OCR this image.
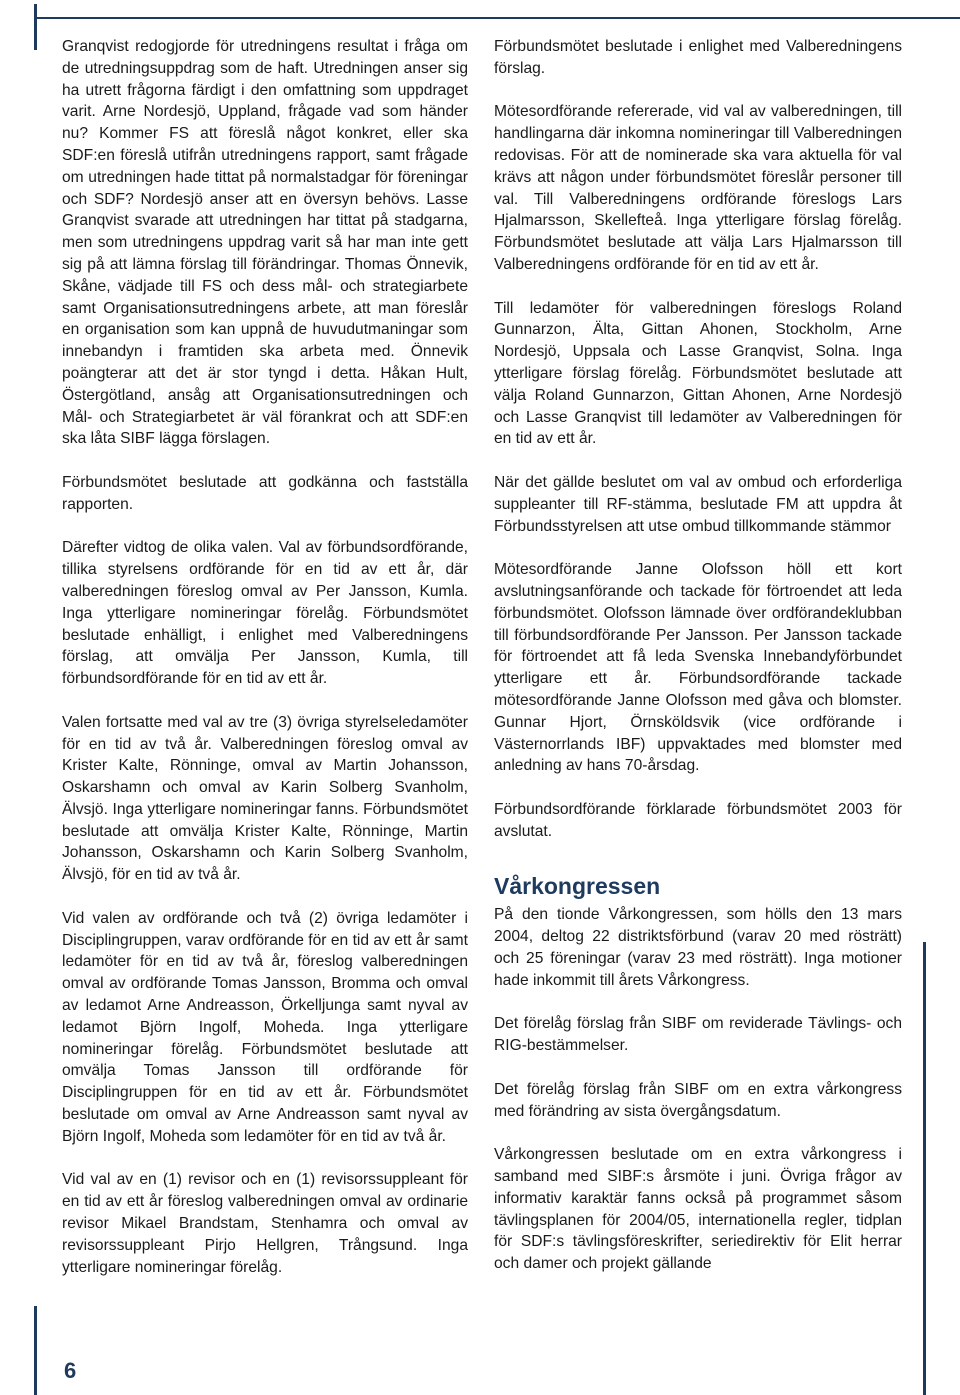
Granqvist redogjorde för utredningens resultat i fråga om de utredningsuppdrag som de haft. Utredningen anser sig ha utrett frågorna färdigt i den omfattning som uppdraget varit. Arne Nordesjö, Uppland, frågade vad som händer nu? Kommer FS att föreslå något konkret, eller ska SDF:en föreslå utifrån utredningens rapport, samt frågade om utredningen hade tittat på normalstadgar för föreningar och SDF? Nordesjö anser att en översyn behövs. Lasse Granqvist svarade att utredningen har tittat på stadgarna, men som utredningens uppdrag varit så har man inte gett sig på att lämna förslag till förändringar. Thomas Önnevik, Skåne, vädjade till FS och dess mål- och strategiarbete samt Organisationsutredningens arbete, att man föreslår en organisation som kan uppnå de huvudutmaningar som innebandyn i framtiden ska arbeta med. Önnevik poängterar att det är stor tyngd i detta. Håkan Hult, Östergötland, ansåg att Organisationsutredningen och Mål- och Strategiarbetet är väl förankrat och att SDF:en ska låta SIBF lägga förslagen.

Förbundsmötet beslutade att godkänna och fastställa rapporten.

Därefter vidtog de olika valen. Val av förbundsordförande, tillika styrelsens ordförande för en tid av ett år, där valberedningen föreslog omval av Per Jansson, Kumla. Inga ytterligare nomineringar förelåg. Förbundsmötet beslutade enhälligt, i enlighet med Valberedningens förslag, att omvälja Per Jansson, Kumla, till förbundsordförande för en tid av ett år.

Valen fortsatte med val av tre (3) övriga styrelseledamöter för en tid av två år. Valberedningen föreslog omval av Krister Kalte, Rönninge, omval av Martin Johansson, Oskarshamn och omval av Karin Solberg Svanholm, Älvsjö. Inga ytterligare nomineringar fanns. Förbundsmötet beslutade att omvälja Krister Kalte, Rönninge, Martin Johansson, Oskarshamn och Karin Solberg Svanholm, Älvsjö, för en tid av två år.

Vid valen av ordförande och två (2) övriga ledamöter i Disciplingruppen, varav ordförande för en tid av ett år samt ledamöter för en tid av två år, föreslog valberedningen omval av ordförande Tomas Jansson, Bromma och omval av ledamot Arne Andreasson, Örkelljunga samt nyval av ledamot Björn Ingolf, Moheda. Inga ytterligare nomineringar förelåg. Förbundsmötet beslutade att omvälja Tomas Jansson till ordförande för Disciplingruppen för en tid av ett år. Förbundsmötet beslutade om omval av Arne Andreasson samt nyval av Björn Ingolf, Moheda som ledamöter för en tid av två år.

Vid val av en (1) revisor och en (1) revisorssuppleant för en tid av ett år föreslog valberedningen omval av ordinarie revisor Mikael Brandstam, Stenhamra och omval av revisorssuppleant Pirjo Hellgren, Trångsund. Inga ytterligare nomineringar förelåg.

Förbundsmötet beslutade i enlighet med Valberedningens förslag.

Mötesordförande refererade, vid val av valberedningen, till handlingarna där inkomna nomineringar till Valberedningen redovisas. För att de nominerade ska vara aktuella för val krävs att någon under förbundsmötet föreslår personer till val. Till Valberedningens ordförande föreslogs Lars Hjalmarsson, Skellefteå. Inga ytterligare förslag förelåg. Förbundsmötet beslutade att välja Lars Hjalmarsson till Valberedningens ordförande för en tid av ett år.

Till ledamöter för valberedningen föreslogs Roland Gunnarzon, Älta, Gittan Ahonen, Stockholm, Arne Nordesjö, Uppsala och Lasse Granqvist, Solna. Inga ytterligare förslag förelåg. Förbundsmötet beslutade att välja Roland Gunnarzon, Gittan Ahonen, Arne Nordesjö och Lasse Granqvist till ledamöter av Valberedningen för en tid av ett år.

När det gällde beslutet om val av ombud och erforderliga suppleanter till RF-stämma, beslutade FM att uppdra åt Förbundsstyrelsen att utse ombud tillkommande stämmor

Mötesordförande Janne Olofsson höll ett kort avslutningsanförande och tackade för förtroendet att leda förbundsmötet. Olofsson lämnade över ordförandeklubban till förbundsordförande Per Jansson. Per Jansson tackade för förtroendet att få leda Svenska Innebandyförbundet ytterligare ett år. Förbundsordförande tackade mötesordförande Janne Olofsson med gåva och blomster. Gunnar Hjort, Örnsköldsvik (vice ordförande i Västernorrlands IBF) uppvaktades med blomster med anledning av hans 70-årsdag.

Förbundsordförande förklarade förbundsmötet 2003 för avslutat.

Vårkongressen

På den tionde Vårkongressen, som hölls den 13 mars 2004, deltog 22 distriktsförbund (varav 20 med rösträtt) och 25 föreningar (varav 23 med rösträtt). Inga motioner hade inkommit till årets Vårkongress.

Det förelåg förslag från SIBF om reviderade Tävlings- och RIG-bestämmelser.

Det förelåg förslag från SIBF om en extra vårkongress med förändring av sista övergångsdatum.

Vårkongressen beslutade om en extra vårkongress i samband med SIBF:s årsmöte i juni. Övriga frågor av informativ karaktär fanns också på programmet såsom tävlingsplanen för 2004/05, internationella regler, tidplan för SDF:s tävlingsföreskrifter, seriedirektiv för Elit herrar och damer och projekt gällande

6
